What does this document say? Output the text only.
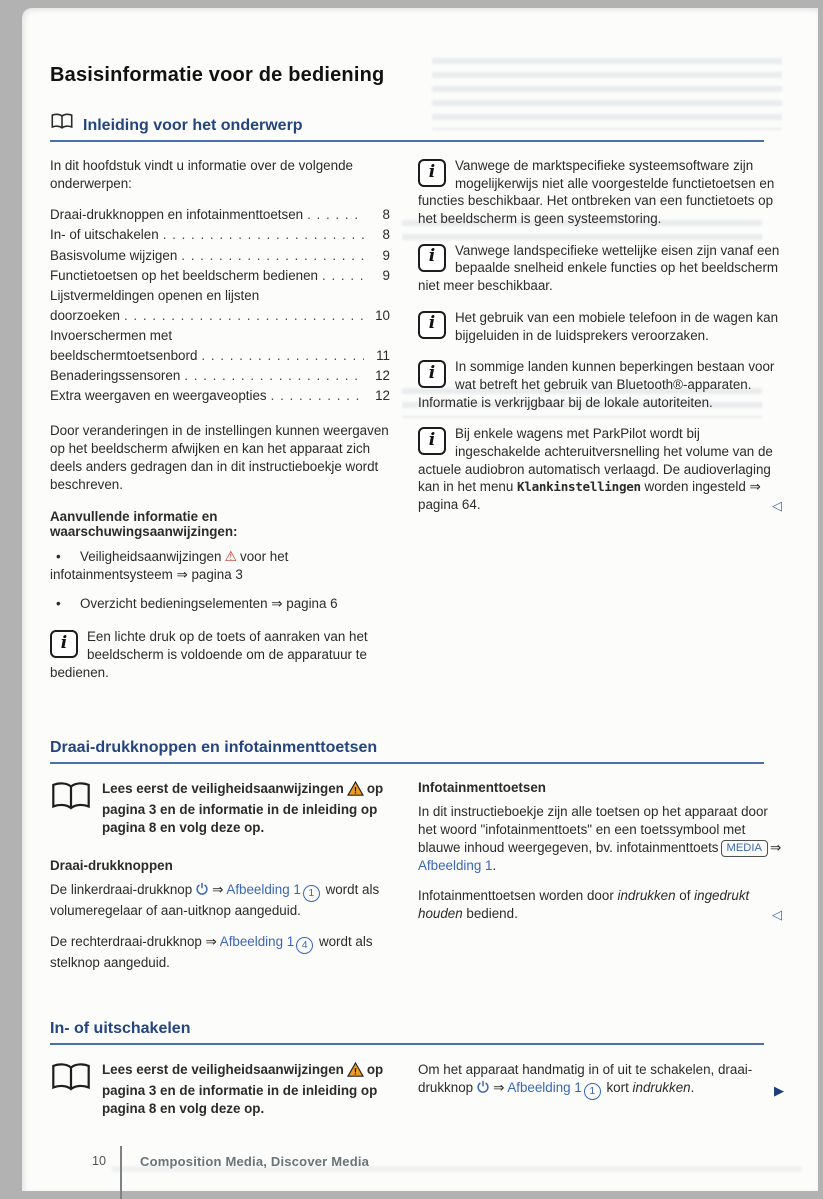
Basisinformatie voor de bediening
Inleiding voor het onderwerp

In dit hoofdstuk vindt u informatie over de volgende onderwerpen:

Draai-drukknoppen en infotainmenttoetsen . . .	8
In- of uitschakelen . . .	8
Basisvolume wijzigen . . .	9
Functietoetsen op het beeldscherm bedienen . . .	9
Lijstvermeldingen openen en lijsten
doorzoeken . . .	10
Invoerschermen met
beeldschermtoetsenbord . . .	11
Benaderingssensoren . . .	12
Extra weergaven en weergaveopties . . .	12

Door veranderingen in de instellingen kunnen weergaven op het beeldscherm afwijken en kan het apparaat zich deels anders gedragen dan in dit instructieboekje wordt beschreven.

Aanvullende informatie en waarschuwingsaanwijzingen:
• Veiligheidsaanwijzingen ⚠ voor het infotainmentsysteem ⇒ pagina 3
• Overzicht bedieningselementen ⇒ pagina 6
i Een lichte druk op de toets of aanraken van het beeldscherm is voldoende om de apparatuur te bedienen.
i Vanwege de marktspecifieke systeemsoftware zijn mogelijkerwijs niet alle voorgestelde functietoetsen en functies beschikbaar. Het ontbreken van een functietoets op het beeldscherm is geen systeemstoring.
i Vanwege landspecifieke wettelijke eisen zijn vanaf een bepaalde snelheid enkele functies op het beeldscherm niet meer beschikbaar.
i Het gebruik van een mobiele telefoon in de wagen kan bijgeluiden in de luidsprekers veroorzaken.
i In sommige landen kunnen beperkingen bestaan voor wat betreft het gebruik van Bluetooth®-apparaten. Informatie is verkrijgbaar bij de lokale autoriteiten.
i Bij enkele wagens met ParkPilot wordt bij ingeschakelde achteruitversnelling het volume van de actuele audiobron automatisch verlaagd. De audioverlaging kan in het menu Klankinstellingen worden ingesteld ⇒ pagina 64.	◁
Draai-drukknoppen en infotainmenttoetsen
Lees eerst de veiligheidsaanwijzingen ! op pagina 3 en de informatie in de inleiding op pagina 8 en volg deze op.
Draai-drukknoppen

De linkerdraai-drukknop ⇒ Afbeelding 1 1 wordt als volumeregelaar of aan-uitknop aangeduid.

De rechterdraai-drukknop ⇒ Afbeelding 1 4 wordt als stelknop aangeduid.

Infotainmenttoetsen

In dit instructieboekje zijn alle toetsen op het apparaat door het woord "infotainmenttoets" en een toetssymbool met blauwe inhoud weergegeven, bv. infotainmenttoets MEDIA ⇒ Afbeelding 1.

Infotainmenttoetsen worden door indrukken of ingedrukt houden bediend.	◁

In- of uitschakelen
Lees eerst de veiligheidsaanwijzingen ! op pagina 3 en de informatie in de inleiding op pagina 8 en volg deze op.

Om het apparaat handmatig in of uit te schakelen, draai-drukknop ⇒ Afbeelding 1 1 kort indrukken.	▶

10	Composition Media, Discover Media
